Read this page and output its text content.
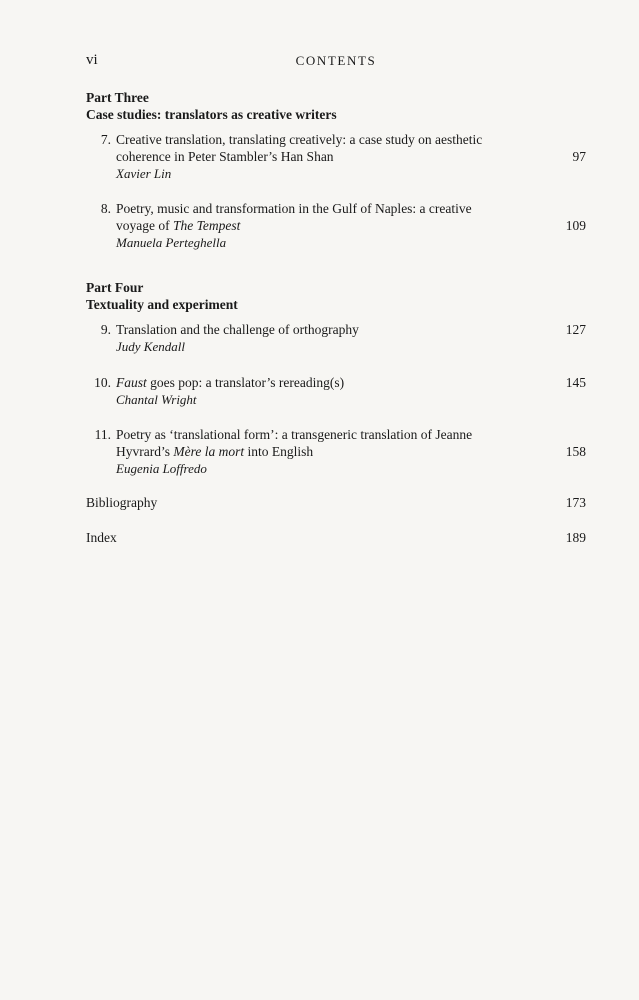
vi	CONTENTS
Part Three
Case studies: translators as creative writers
7. Creative translation, translating creatively: a case study on aesthetic
coherence in Peter Stambler’s Han Shan	97
Xavier Lin
8. Poetry, music and transformation in the Gulf of Naples: a creative
voyage of The Tempest	109
Manuela Perteghella
Part Four
Textuality and experiment
9. Translation and the challenge of orthography	127
Judy Kendall
10. Faust goes pop: a translator’s rereading(s)	145
Chantal Wright
11. Poetry as ‘translational form’: a transgeneric translation of Jeanne
Hyvrard’s Mère la mort into English	158
Eugenia Loffredo
Bibliography	173
Index	189
